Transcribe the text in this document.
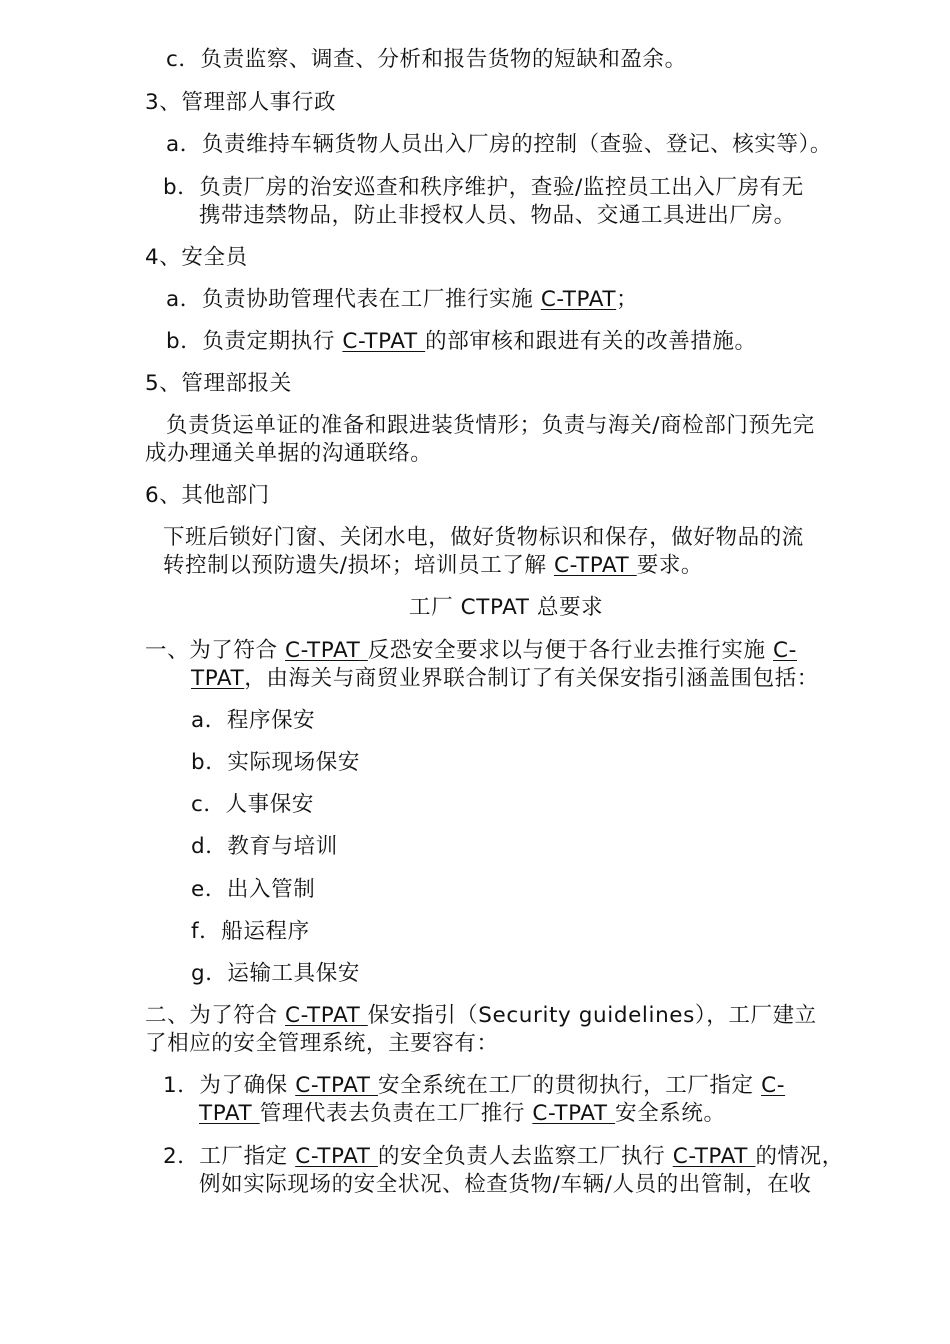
c．负责监察、调查、分析和报告货物的短缺和盈余。
3、管理部人事行政
a．负责维持车辆货物人员出入厂房的控制（查验、登记、核实等）。
b．负责厂房的治安巡查和秩序维护，查验/监控员工出入厂房有无
携带违禁物品，防止非授权人员、物品、交通工具进出厂房。
4、安全员
a．负责协助管理代表在工厂推行实施 C-TPAT；
b．负责定期执行 C-TPAT 的部审核和跟进有关的改善措施。
5、管理部报关
负责货运单证的准备和跟进装货情形；负责与海关/商检部门预先完
成办理通关单据的沟通联络。
6、其他部门
下班后锁好门窗、关闭水电，做好货物标识和保存，做好物品的流
转控制以预防遗失/损坏；培训员工了解 C-TPAT 要求。
工厂 CTPAT 总要求
一、为了符合 C-TPAT 反恐安全要求以与便于各行业去推行实施 C-
TPAT，由海关与商贸业界联合制订了有关保安指引涵盖围包括：
a．程序保安
b．实际现场保安
c．人事保安
d．教育与培训
e．出入管制
f．船运程序
g．运输工具保安
二、为了符合 C-TPAT 保安指引（Security guidelines），工厂建立
了相应的安全管理系统，主要容有：
1．为了确保 C-TPAT 安全系统在工厂的贯彻执行，工厂指定 C-
TPAT 管理代表去负责在工厂推行 C-TPAT 安全系统。
2．工厂指定 C-TPAT 的安全负责人去监察工厂执行 C-TPAT 的情况，
例如实际现场的安全状况、检查货物/车辆/人员的出管制，在收
